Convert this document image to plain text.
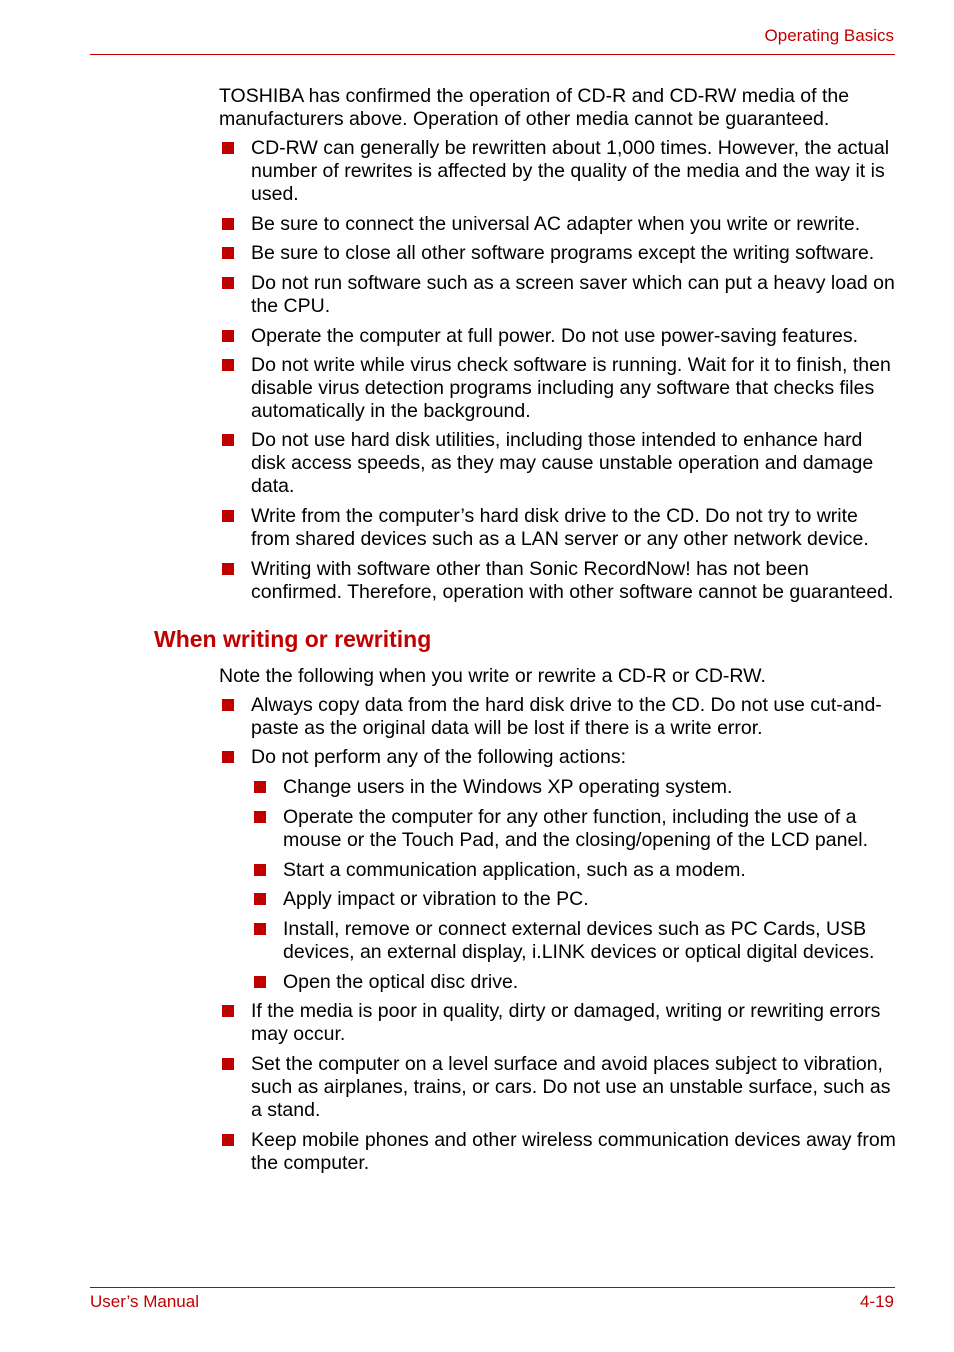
Operating Basics

TOSHIBA has confirmed the operation of CD-R and CD-RW media of the manufacturers above. Operation of other media cannot be guaranteed.

CD-RW can generally be rewritten about 1,000 times. However, the actual number of rewrites is affected by the quality of the media and the way it is used.
Be sure to connect the universal AC adapter when you write or rewrite.
Be sure to close all other software programs except the writing software.
Do not run software such as a screen saver which can put a heavy load on the CPU.
Operate the computer at full power. Do not use power-saving features.
Do not write while virus check software is running. Wait for it to finish, then disable virus detection programs including any software that checks files automatically in the background.
Do not use hard disk utilities, including those intended to enhance hard disk access speeds, as they may cause unstable operation and damage data.
Write from the computer’s hard disk drive to the CD. Do not try to write from shared devices such as a LAN server or any other network device.
Writing with software other than Sonic RecordNow! has not been confirmed. Therefore, operation with other software cannot be guaranteed.
When writing or rewriting

Note the following when you write or rewrite a CD-R or CD-RW.

Always copy data from the hard disk drive to the CD. Do not use cut-and-paste as the original data will be lost if there is a write error.
Do not perform any of the following actions:
Change users in the Windows XP operating system.
Operate the computer for any other function, including the use of a mouse or the Touch Pad, and the closing/opening of the LCD panel.
Start a communication application, such as a modem.
Apply impact or vibration to the PC.
Install, remove or connect external devices such as PC Cards, USB devices, an external display, i.LINK devices or optical digital devices.
Open the optical disc drive.
If the media is poor in quality, dirty or damaged, writing or rewriting errors may occur.
Set the computer on a level surface and avoid places subject to vibration, such as airplanes, trains, or cars. Do not use an unstable surface, such as a stand.
Keep mobile phones and other wireless communication devices away from the computer.
User’s Manual	4-19
